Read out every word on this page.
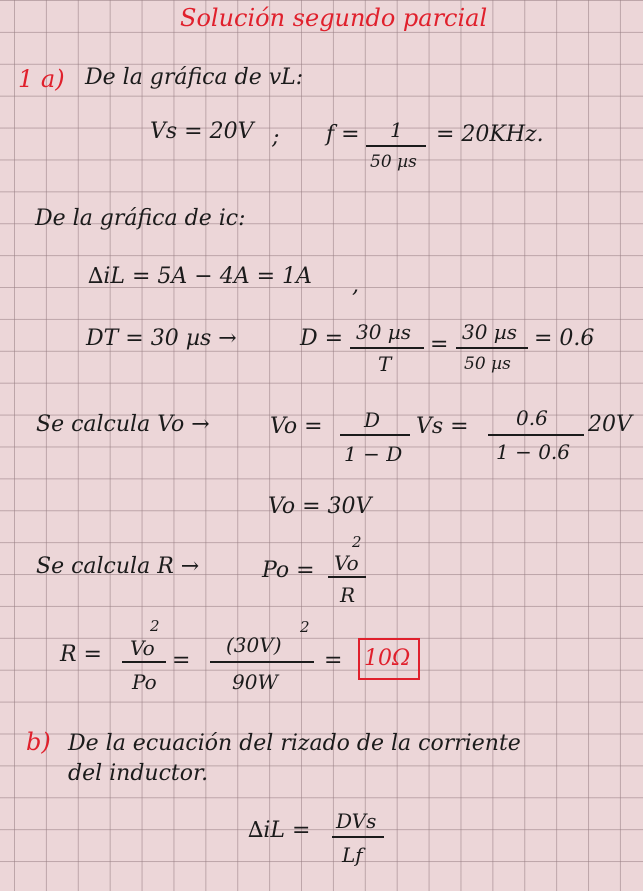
Solución segundo parcial
1 a) De la gráfica de vL:
Vs = 20V ; f = 1
50 µs
= 20KHz.
De la gráfica de ic:
∆iL = 5A − 4A = 1A ,
DT = 30 µs →	D = 30 µs
T
= 30 µs
50 µs
= 0.6
Se calcula Vo →	Vo = D
1 − D
Vs = 0.6
1 − 0.6
20V
Vo = 30V
Se calcula R →	Po =
2
Vo
R
R =
2
Vo
Po
=
2
(30V)
90W
= 10Ω
b) De la ecuación del rizado de la corriente
del inductor.
∆iL = DVs
Lf
